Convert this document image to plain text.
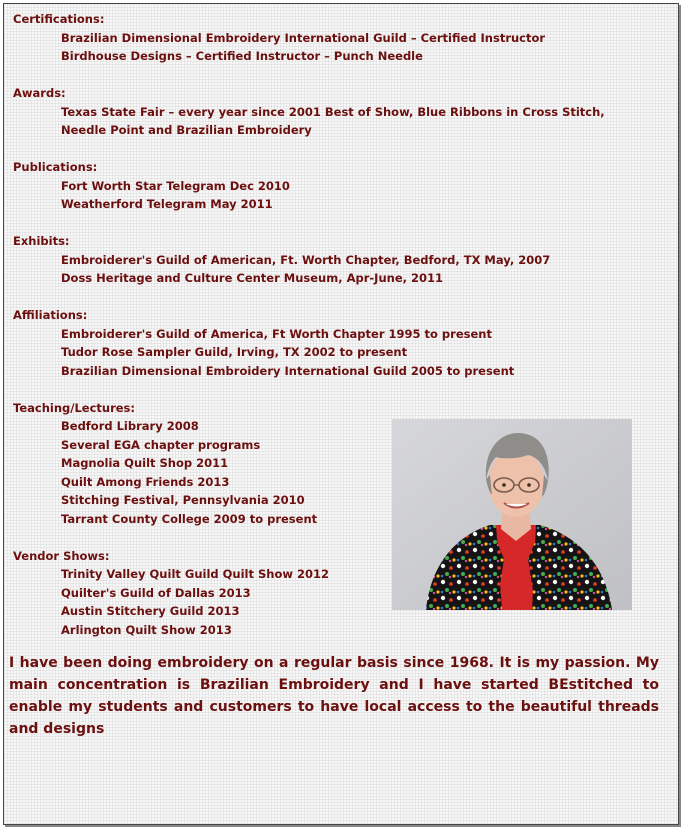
Certifications:
Brazilian Dimensional Embroidery International Guild – Certified Instructor
Birdhouse Designs – Certified Instructor – Punch Needle
Awards:
Texas State Fair – every year since 2001 Best of Show, Blue Ribbons in Cross Stitch, Needle Point and Brazilian Embroidery
Publications:
Fort Worth Star Telegram Dec 2010
Weatherford Telegram May 2011
Exhibits:
Embroiderer's Guild of American, Ft. Worth Chapter, Bedford, TX May, 2007
Doss Heritage and Culture Center Museum, Apr-June, 2011
Affiliations:
Embroiderer's Guild of America, Ft Worth Chapter 1995 to present
Tudor Rose Sampler Guild, Irving, TX 2002 to present
Brazilian Dimensional Embroidery International Guild 2005 to present
Teaching/Lectures:
Bedford Library 2008
Several EGA chapter programs
Magnolia Quilt Shop 2011
Quilt Among Friends 2013
Stitching Festival, Pennsylvania 2010
Tarrant County College 2009 to present
Vendor Shows:
Trinity Valley Quilt Guild Quilt Show 2012
Quilter's Guild of Dallas 2013
Austin Stitchery Guild 2013
Arlington Quilt Show 2013
I have been doing embroidery on a regular basis since 1968. It is my passion. My main concentration is Brazilian Embroidery and I have started BEstitched to enable my students and customers to have local access to the beautiful threads and designs
